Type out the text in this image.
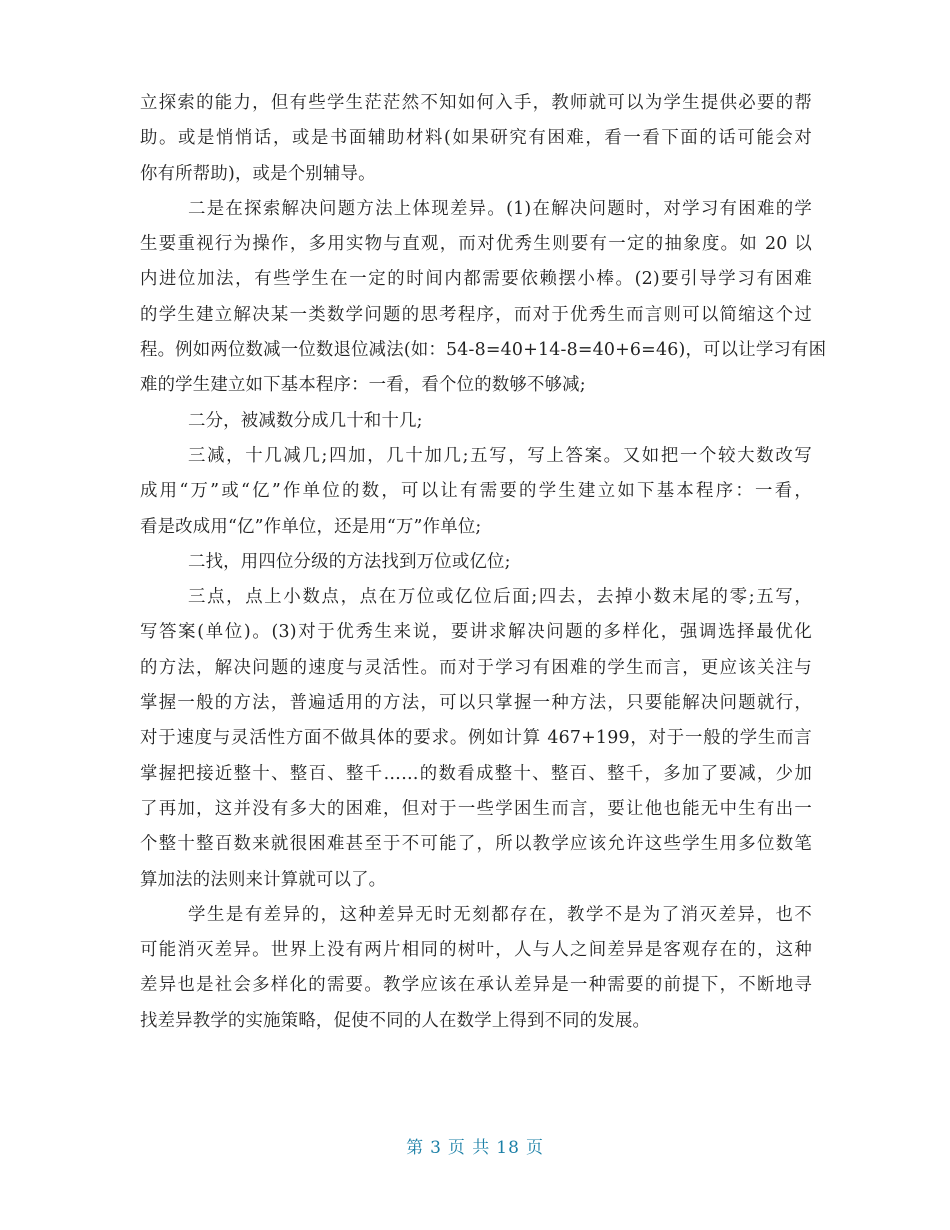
立探索的能力，但有些学生茫茫然不知如何入手，教师就可以为学生提供必要的帮
助。或是悄悄话，或是书面辅助材料(如果研究有困难，看一看下面的话可能会对
你有所帮助)，或是个别辅导。
二是在探索解决问题方法上体现差异。(1)在解决问题时，对学习有困难的学
生要重视行为操作，多用实物与直观，而对优秀生则要有一定的抽象度。如 20 以
内进位加法，有些学生在一定的时间内都需要依赖摆小棒。(2)要引导学习有困难
的学生建立解决某一类数学问题的思考程序，而对于优秀生而言则可以简缩这个过
程。例如两位数减一位数退位减法(如：54-8=40+14-8=40+6=46)，可以让学习有困
难的学生建立如下基本程序：一看，看个位的数够不够减;
二分，被减数分成几十和十几;
三减，十几减几;四加，几十加几;五写，写上答案。又如把一个较大数改写
成用“万”或“亿”作单位的数，可以让有需要的学生建立如下基本程序：一看，
看是改成用“亿”作单位，还是用“万”作单位;
二找，用四位分级的方法找到万位或亿位;
三点，点上小数点，点在万位或亿位后面;四去，去掉小数末尾的零;五写，
写答案(单位)。(3)对于优秀生来说，要讲求解决问题的多样化，强调选择最优化
的方法，解决问题的速度与灵活性。而对于学习有困难的学生而言，更应该关注与
掌握一般的方法，普遍适用的方法，可以只掌握一种方法，只要能解决问题就行，
对于速度与灵活性方面不做具体的要求。例如计算 467+199，对于一般的学生而言
掌握把接近整十、整百、整千……的数看成整十、整百、整千，多加了要减，少加
了再加，这并没有多大的困难，但对于一些学困生而言，要让他也能无中生有出一
个整十整百数来就很困难甚至于不可能了，所以教学应该允许这些学生用多位数笔
算加法的法则来计算就可以了。
学生是有差异的，这种差异无时无刻都存在，教学不是为了消灭差异，也不
可能消灭差异。世界上没有两片相同的树叶，人与人之间差异是客观存在的，这种
差异也是社会多样化的需要。教学应该在承认差异是一种需要的前提下，不断地寻
找差异教学的实施策略，促使不同的人在数学上得到不同的发展。
第 3 页 共 18 页
